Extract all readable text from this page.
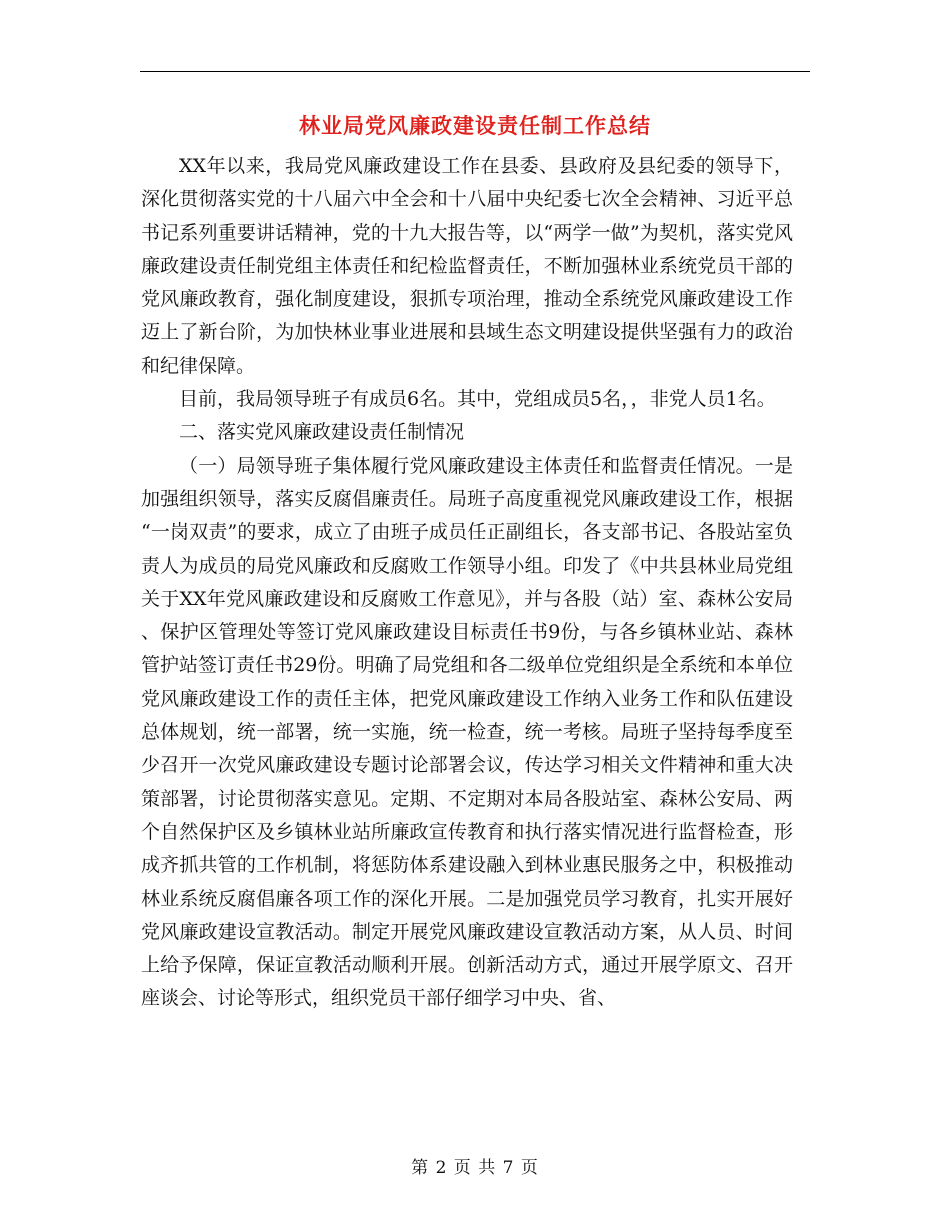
林业局党风廉政建设责任制工作总结

XX年以来，我局党风廉政建设工作在县委、县政府及县纪委的领导下，深化贯彻落实党的十八届六中全会和十八届中央纪委七次全会精神、习近平总书记系列重要讲话精神，党的十九大报告等，以“两学一做”为契机，落实党风廉政建设责任制党组主体责任和纪检监督责任，不断加强林业系统党员干部的党风廉政教育，强化制度建设，狠抓专项治理，推动全系统党风廉政建设工作迈上了新台阶，为加快林业事业进展和县域生态文明建设提供坚强有力的政治和纪律保障。

目前，我局领导班子有成员6名。其中，党组成员5名，，非党人员1名。

二、落实党风廉政建设责任制情况

（一）局领导班子集体履行党风廉政建设主体责任和监督责任情况。一是加强组织领导，落实反腐倡廉责任。局班子高度重视党风廉政建设工作，根据“一岗双责”的要求，成立了由班子成员任正副组长，各支部书记、各股站室负责人为成员的局党风廉政和反腐败工作领导小组。印发了《中共县林业局党组关于XX年党风廉政建设和反腐败工作意见》，并与各股（站）室、森林公安局、保护区管理处等签订党风廉政建设目标责任书9份，与各乡镇林业站、森林管护站签订责任书29份。明确了局党组和各二级单位党组织是全系统和本单位党风廉政建设工作的责任主体，把党风廉政建设工作纳入业务工作和队伍建设总体规划，统一部署，统一实施，统一检查，统一考核。局班子坚持每季度至少召开一次党风廉政建设专题讨论部署会议，传达学习相关文件精神和重大决策部署，讨论贯彻落实意见。定期、不定期对本局各股站室、森林公安局、两个自然保护区及乡镇林业站所廉政宣传教育和执行落实情况进行监督检查，形成齐抓共管的工作机制，将惩防体系建设融入到林业惠民服务之中，积极推动林业系统反腐倡廉各项工作的深化开展。二是加强党员学习教育，扎实开展好党风廉政建设宣教活动。制定开展党风廉政建设宣教活动方案，从人员、时间上给予保障，保证宣教活动顺利开展。创新活动方式，通过开展学原文、召开座谈会、讨论等形式，组织党员干部仔细学习中央、省、

第 2 页 共 7 页
